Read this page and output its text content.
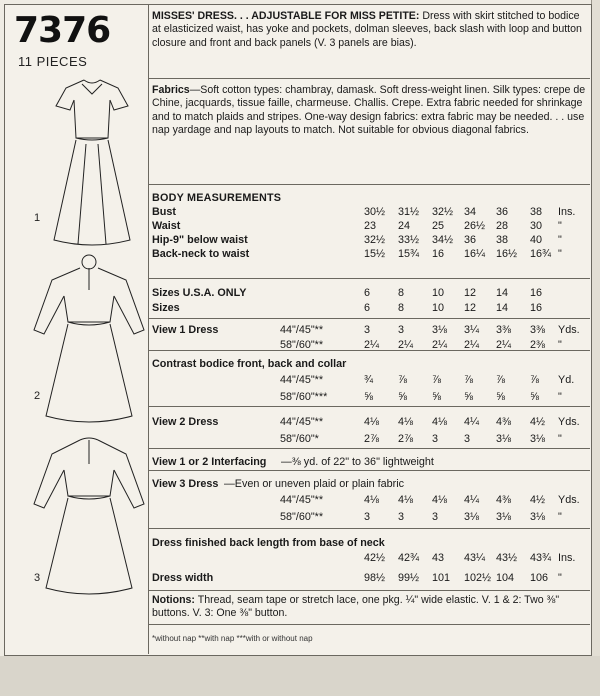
7376
11 PIECES
1
2
3
MISSES' DRESS. . . ADJUSTABLE FOR MISS PETITE: Dress with skirt stitched to bodice at elasticized waist, has yoke and pockets, dolman sleeves, back slash with loop and button closure and front and back panels (V. 3 panels are bias).
Fabrics—Soft cotton types: chambray, damask. Soft dress-weight linen. Silk types: crepe de Chine, jacquards, tissue faille, charmeuse. Challis. Crepe. Extra fabric needed for shrinkage and to match plaids and stripes. One-way design fabrics: extra fabric may be needed. . . use nap yardage and nap layouts to match. Not suitable for obvious diagonal fabrics.
BODY MEASUREMENTS
Bust	30½ 31½ 32½ 34 36 38 Ins.
Waist	23 24 25 26½ 28 30 "
Hip-9" below waist	32½ 33½ 34½ 36 38 40 "
Back-neck to waist	15½ 15¾ 16 16¼ 16½ 16¾ "
Sizes U.S.A. ONLY	6	8	10 12 14 16
Sizes	6	8	10 12 14 16
View 1 Dress	44"/45"**	3	3	3⅛ 3¼ 3⅜ 3⅜ Yds.
58"/60"**	2¼ 2¼ 2¼ 2¼ 2¼ 2⅜ "
Contrast bodice front, back and collar
44"/45"**	¾ ⅞ ⅞ ⅞ ⅞ ⅞ Yd.
58"/60"***	⅝ ⅝ ⅝ ⅝ ⅝ ⅝ "
View 2 Dress	44"/45"**	4⅛ 4⅛ 4⅛ 4¼ 4⅜ 4½ Yds.
58"/60"*	2⅞ 2⅞ 3 3 3⅛ 3⅛ "
View 1 or 2 Interfacing —⅜ yd. of 22" to 36" lightweight
View 3 Dress —Even or uneven plaid or plain fabric
44"/45"**	4⅛ 4⅛ 4⅛ 4¼ 4⅜ 4½ Yds.
58"/60"**	3	3	3 3⅛ 3⅛ 3⅛ "
Dress finished back length from base of neck
42½ 42¾ 43 43¼ 43½ 43¾ Ins.
Dress width	98½ 99½ 101 102½ 104 106 "
Notions: Thread, seam tape or stretch lace, one pkg. ¼" wide elastic. V. 1 & 2: Two ⅜" buttons. V. 3: One ⅜" button.
*without nap **with nap ***with or without nap
